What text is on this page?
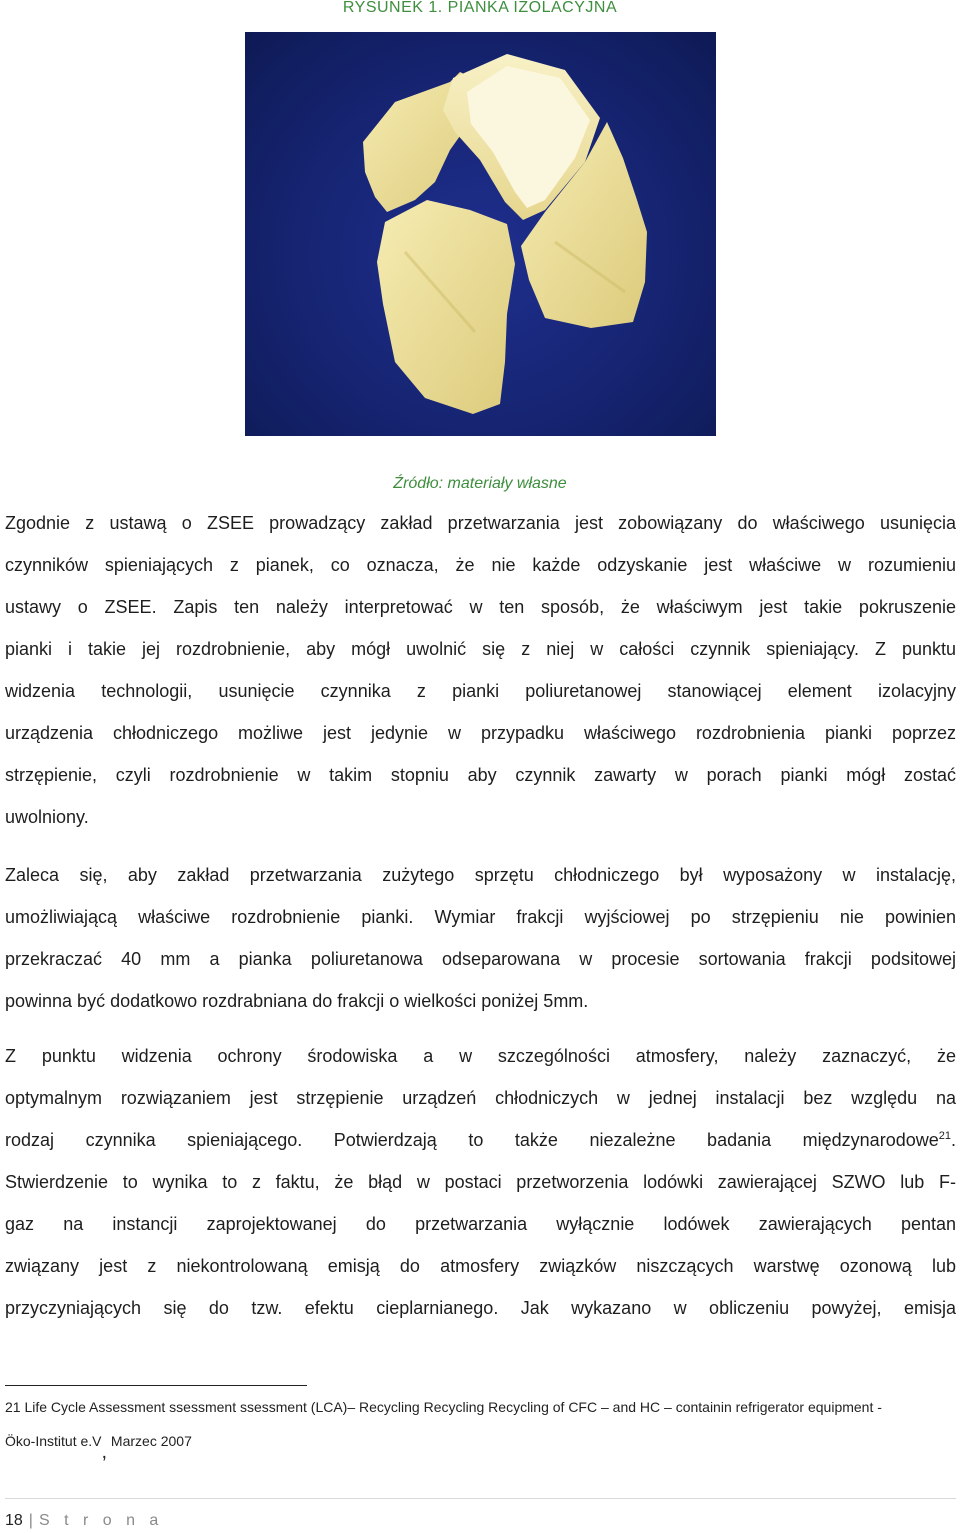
RYSUNEK 1. PIANKA IZOLACYJNA
Źródło: materiały własne
Zgodnie z ustawą o ZSEE prowadzący zakład przetwarzania jest zobowiązany do właściwego usunięcia
czynników spieniających z pianek, co oznacza, że nie każde odzyskanie jest właściwe w rozumieniu
ustawy o ZSEE. Zapis ten należy interpretować w ten sposób, że właściwym jest takie pokruszenie
pianki i takie jej rozdrobnienie, aby mógł uwolnić się z niej w całości czynnik spieniający. Z punktu
widzenia technologii, usunięcie czynnika z pianki poliuretanowej stanowiącej element izolacyjny
urządzenia chłodniczego możliwe jest jedynie w przypadku właściwego rozdrobnienia pianki poprzez
strzępienie, czyli rozdrobnienie w takim stopniu aby czynnik zawarty w porach pianki mógł zostać
uwolniony.
Zaleca się, aby zakład przetwarzania zużytego sprzętu chłodniczego był wyposażony w instalację,
umożliwiającą właściwe rozdrobnienie pianki. Wymiar frakcji wyjściowej po strzępieniu nie powinien
przekraczać 40 mm a pianka poliuretanowa odseparowana w procesie sortowania frakcji podsitowej
powinna być dodatkowo rozdrabniana do frakcji o wielkości poniżej 5mm.
Z punktu widzenia ochrony środowiska a w szczególności atmosfery, należy zaznaczyć, że
optymalnym rozwiązaniem jest strzępienie urządzeń chłodniczych w jednej instalacji bez względu na
rodzaj czynnika spieniającego. Potwierdzają to także niezależne badania międzynarodowe$^{21}$.
Stwierdzenie to wynika to z faktu, że błąd w postaci przetworzenia lodówki zawierającej SZWO lub F-
gaz na instancji zaprojektowanej do przetwarzania wyłącznie lodówek zawierających pentan
związany jest z niekontrolowaną emisją do atmosfery związków niszczących warstwę ozonową lub
przyczyniających się do tzw. efektu cieplarnianego. Jak wykazano w obliczeniu powyżej, emisja
21 Life Cycle Assessment ssessment ssessment (LCA)– Recycling Recycling Recycling of CFC – and HC – containin refrigerator equipment -
Öko-Institut e.V, Marzec 2007
18 | S t r o n a
